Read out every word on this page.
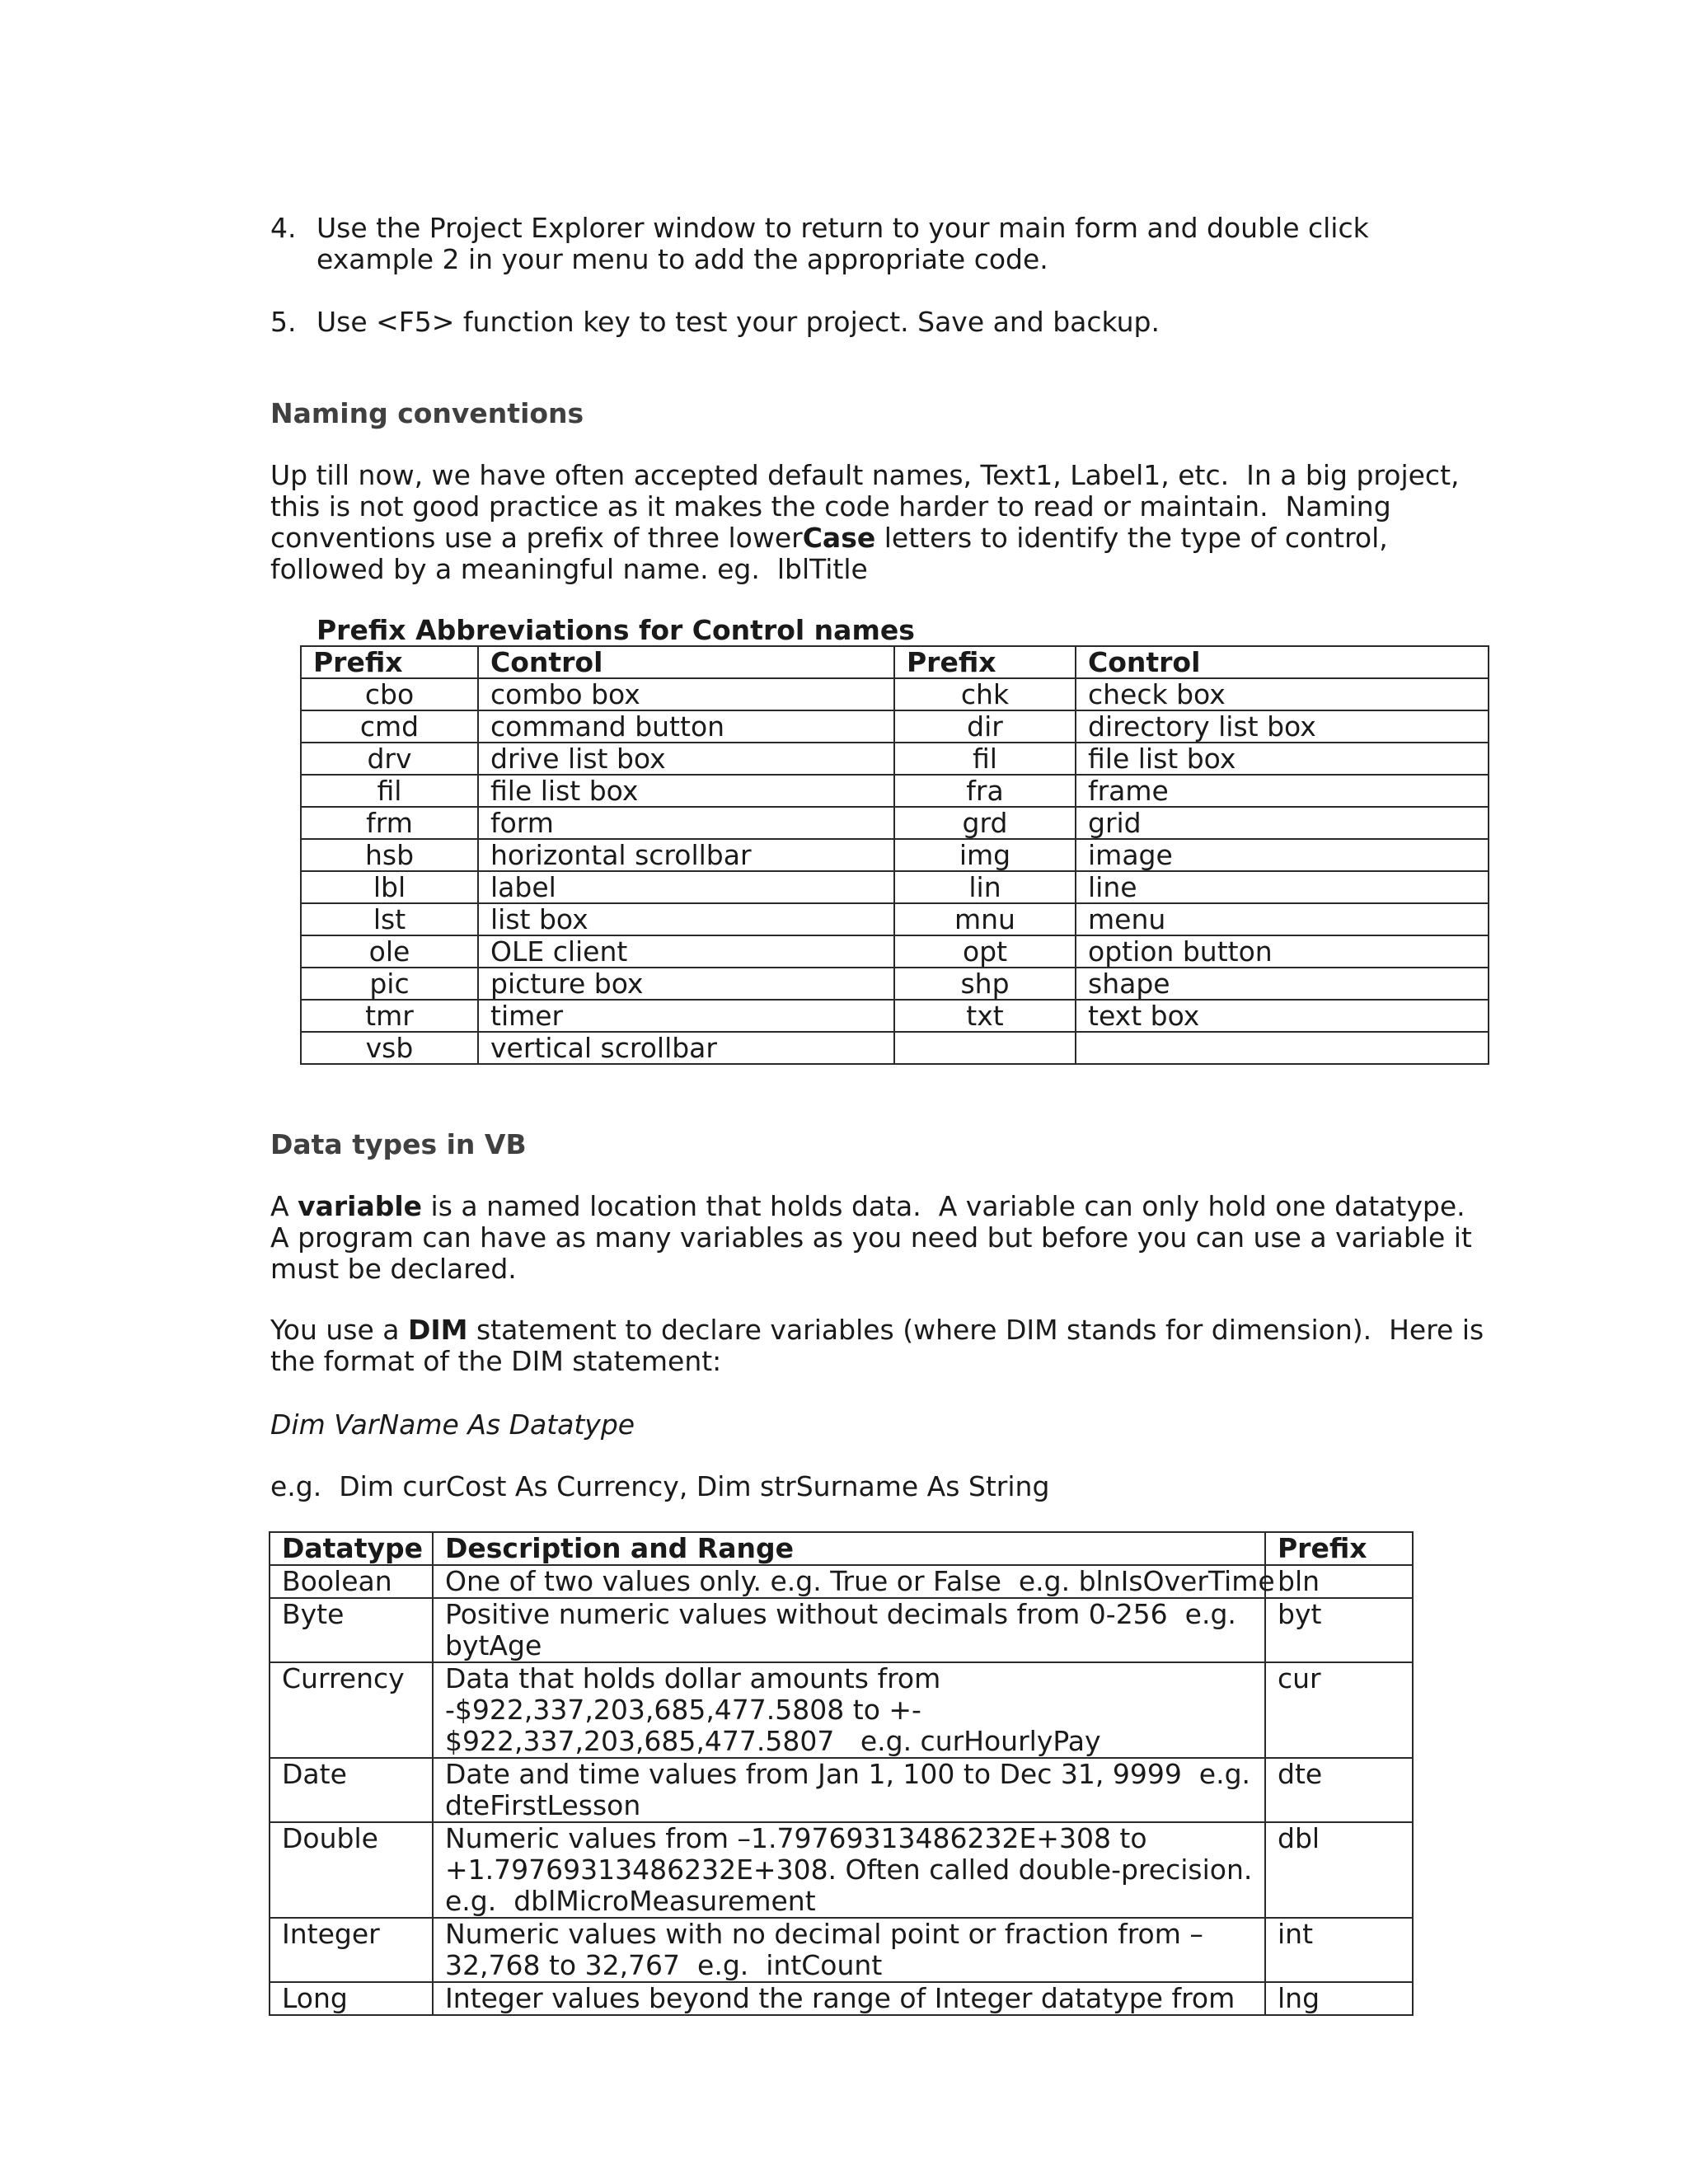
4. Use the Project Explorer window to return to your main form and double click
example 2 in your menu to add the appropriate code.
5. Use <F5> function key to test your project. Save and backup.
Naming conventions
Up till now, we have often accepted default names, Text1, Label1, etc.  In a big project,
this is not good practice as it makes the code harder to read or maintain.  Naming
conventions use a prefix of three lowerCase letters to identify the type of control,
followed by a meaningful name. eg.  lblTitle
Prefix Abbreviations for Control names
Prefix	Control	Prefix	Control
cbo	combo box	chk	check box
cmd	command button	dir	directory list box
drv	drive list box	fil	file list box
fil	file list box	fra	frame
frm	form	grd	grid
hsb	horizontal scrollbar	img	image
lbl	label	lin	line
lst	list box	mnu	menu
ole	OLE client	opt	option button
pic	picture box	shp	shape
tmr	timer	txt	text box
vsb	vertical scrollbar		
Data types in VB
A variable is a named location that holds data.  A variable can only hold one datatype.
A program can have as many variables as you need but before you can use a variable it
must be declared.
You use a DIM statement to declare variables (where DIM stands for dimension).  Here is
the format of the DIM statement:
Dim VarName As Datatype
e.g.  Dim curCost As Currency, Dim strSurname As String
Datatype	Description and Range	Prefix
Boolean	One of two values only. e.g. True or False  e.g. blnIsOverTime	bln
Byte	Positive numeric values without decimals from 0-256  e.g.
bytAge	byt
Currency	Data that holds dollar amounts from
-$922,337,203,685,477.5808 to +-
$922,337,203,685,477.5807   e.g. curHourlyPay	cur
Date	Date and time values from Jan 1, 100 to Dec 31, 9999  e.g.
dteFirstLesson	dte
Double	Numeric values from –1.79769313486232E+308 to
+1.79769313486232E+308. Often called double-precision.
e.g.  dblMicroMeasurement	dbl
Integer	Numeric values with no decimal point or fraction from –
32,768 to 32,767  e.g.  intCount	int
Long	Integer values beyond the range of Integer datatype from	lng
